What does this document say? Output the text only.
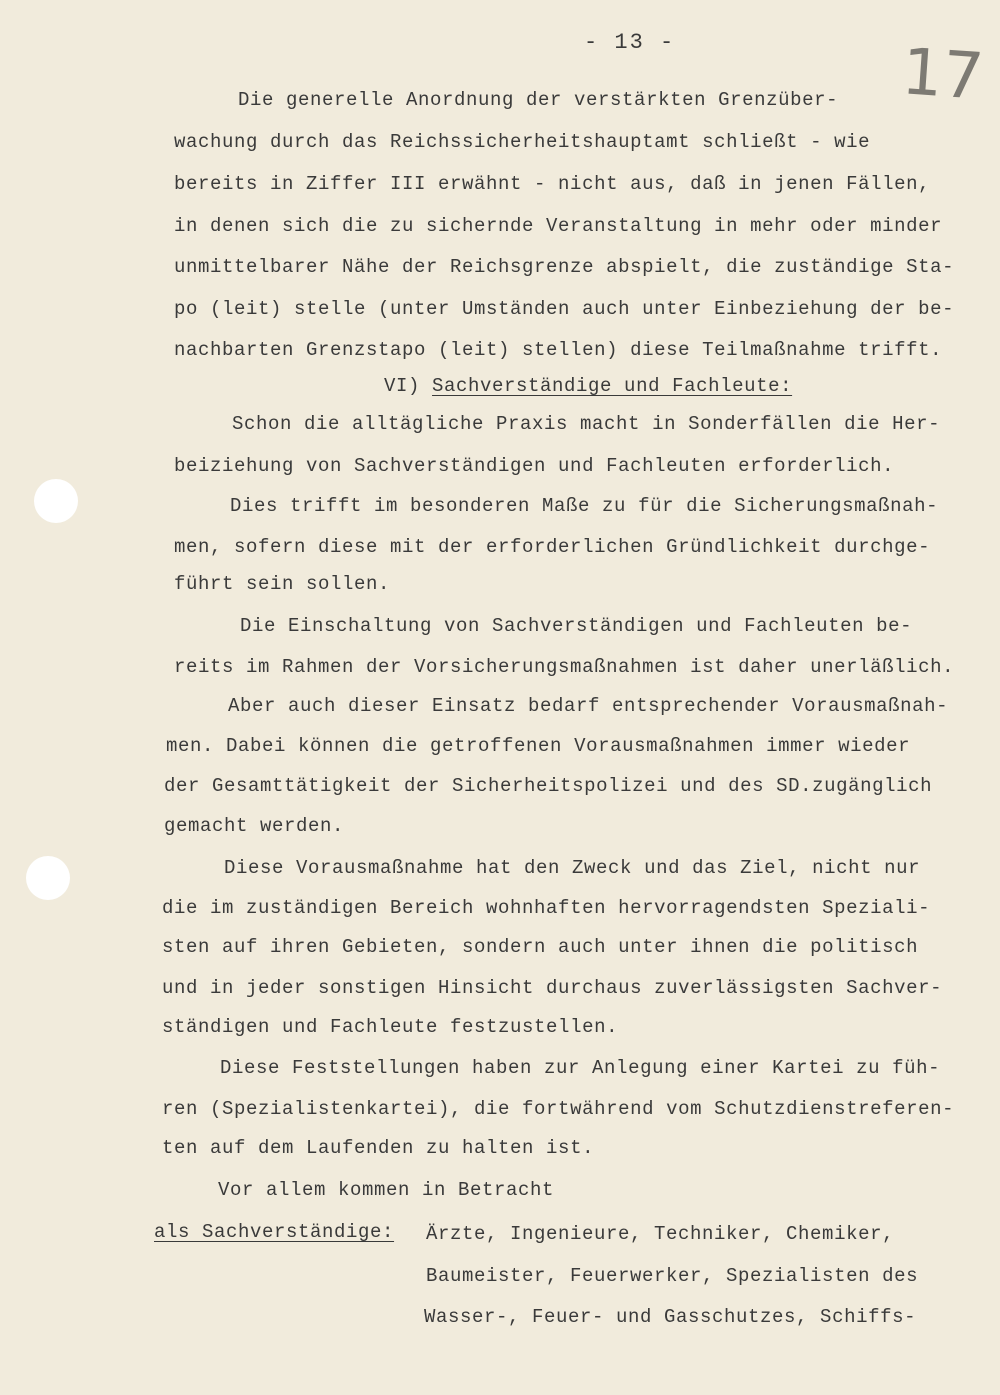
- 13 -	17
Die generelle Anordnung der verstärkten Grenzüber-
wachung durch das Reichssicherheitshauptamt schließt - wie
bereits in Ziffer III erwähnt - nicht aus, daß in jenen Fällen,
in denen sich die zu sichernde Veranstaltung in mehr oder minder
unmittelbarer Nähe der Reichsgrenze abspielt, die zuständige Sta-
po (leit) stelle (unter Umständen auch unter Einbeziehung der be-
nachbarten Grenzstapo (leit) stellen) diese Teilmaßnahme trifft.
VI) Sachverständige und Fachleute:
Schon die alltägliche Praxis macht in Sonderfällen die Her-
beiziehung von Sachverständigen und Fachleuten erforderlich.
Dies trifft im besonderen Maße zu für die Sicherungsmaßnah-
men, sofern diese mit der erforderlichen Gründlichkeit durchge-
führt sein sollen.
Die Einschaltung von Sachverständigen und Fachleuten be-
reits im Rahmen der Vorsicherungsmaßnahmen ist daher unerläßlich.
Aber auch dieser Einsatz bedarf entsprechender Vorausmaßnah-
men. Dabei können die getroffenen Vorausmaßnahmen immer wieder
der Gesamttätigkeit der Sicherheitspolizei und des SD.zugänglich
gemacht werden.
Diese Vorausmaßnahme hat den Zweck und das Ziel, nicht nur
die im zuständigen Bereich wohnhaften hervorragendsten Speziali-
sten auf ihren Gebieten, sondern auch unter ihnen die politisch
und in jeder sonstigen Hinsicht durchaus zuverlässigsten Sachver-
ständigen und Fachleute festzustellen.
Diese Feststellungen haben zur Anlegung einer Kartei zu füh-
ren (Spezialistenkartei), die fortwährend vom Schutzdienstreferen-
ten auf dem Laufenden zu halten ist.
Vor allem kommen in Betracht
als Sachverständige: Ärzte, Ingenieure, Techniker, Chemiker,
Baumeister, Feuerwerker, Spezialisten des
Wasser-, Feuer- und Gasschutzes, Schiffs-
